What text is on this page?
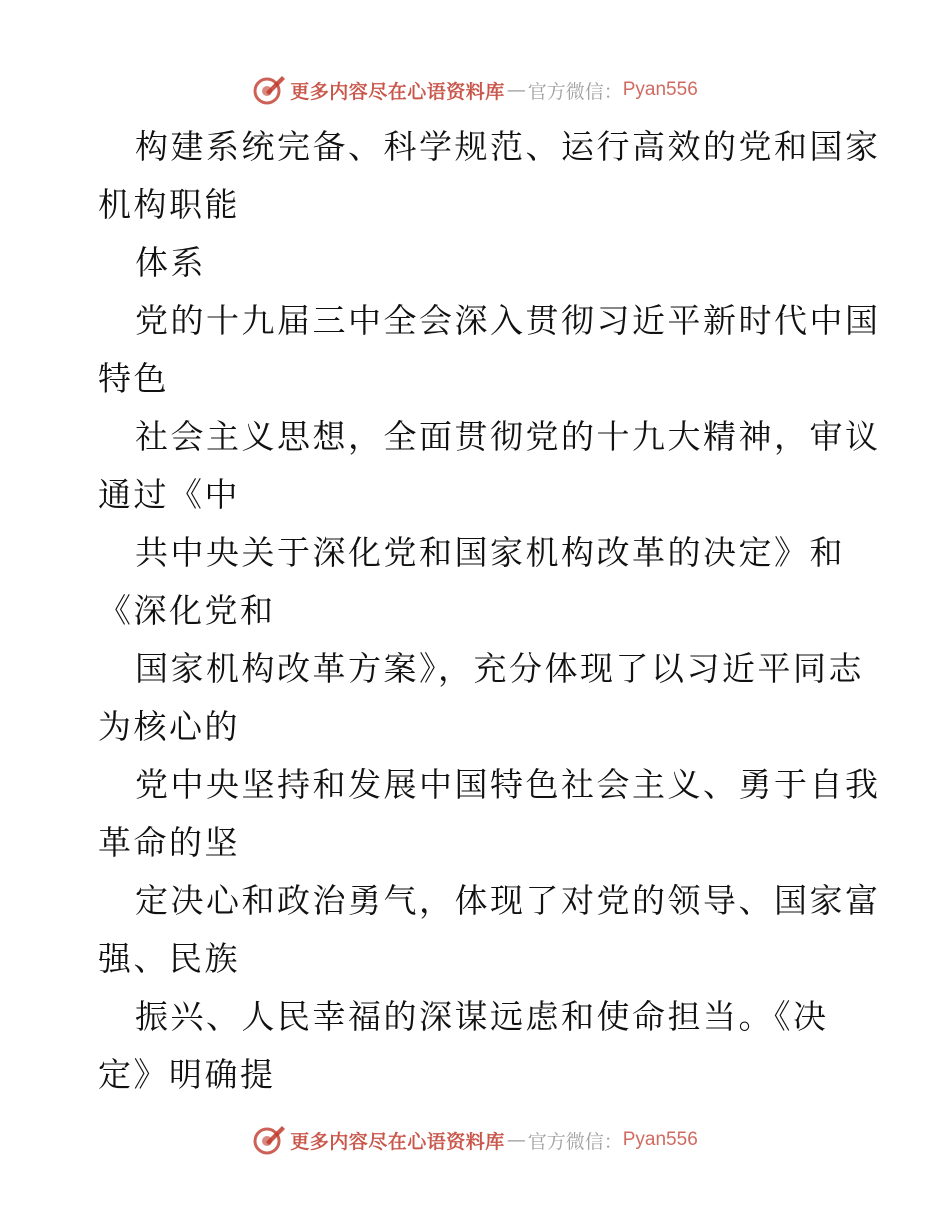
更多内容尽在心语资料库 — 官方微信： Pyan556
构建系统完备、科学规范、运行高效的党和国家
机构职能
体系
党的十九届三中全会深入贯彻习近平新时代中国
特色
社会主义思想，全面贯彻党的十九大精神，审议
通过《中
共中央关于深化党和国家机构改革的决定》和
《深化党和
国家机构改革方案》，充分体现了以习近平同志
为核心的
党中央坚持和发展中国特色社会主义、勇于自我
革命的坚
定决心和政治勇气，体现了对党的领导、国家富
强、民族
振兴、人民幸福的深谋远虑和使命担当。《决
定》明确提
更多内容尽在心语资料库 — 官方微信： Pyan556
